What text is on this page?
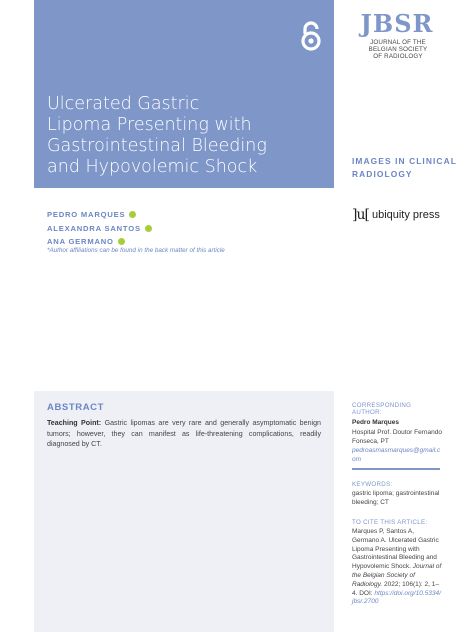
Ulcerated Gastric
Lipoma Presenting with
Gastrointestinal Bleeding
and Hypovolemic Shock
JBSR
JOURNAL OF THE
BELGIAN SOCIETY
OF RADIOLOGY
IMAGES IN CLINICAL
RADIOLOGY
]u[ ubiquity press
PEDRO MARQUES
ALEXANDRA SANTOS
ANA GERMANO
*Author affiliations can be found in the back matter of this article
ABSTRACT
Teaching Point: Gastric lipomas are very rare and generally asymptomatic benign tumors; however, they can manifest as life-threatening complications, readily diagnosed by CT.
CORRESPONDING AUTHOR:
Pedro Marques
Hospital Prof. Doutor Fernando Fonseca, PT
pedroasmasmarques@gmail.com
KEYWORDS:
gastric lipoma; gastrointestinal bleeding; CT
TO CITE THIS ARTICLE:
Marques P, Santos A, Germano A. Ulcerated Gastric Lipoma Presenting with Gastrointestinal Bleeding and Hypovolemic Shock. Journal of the Belgian Society of Radiology. 2022; 106(1): 2, 1–4. DOI: https://doi.org/10.5334/jbsr.2700
